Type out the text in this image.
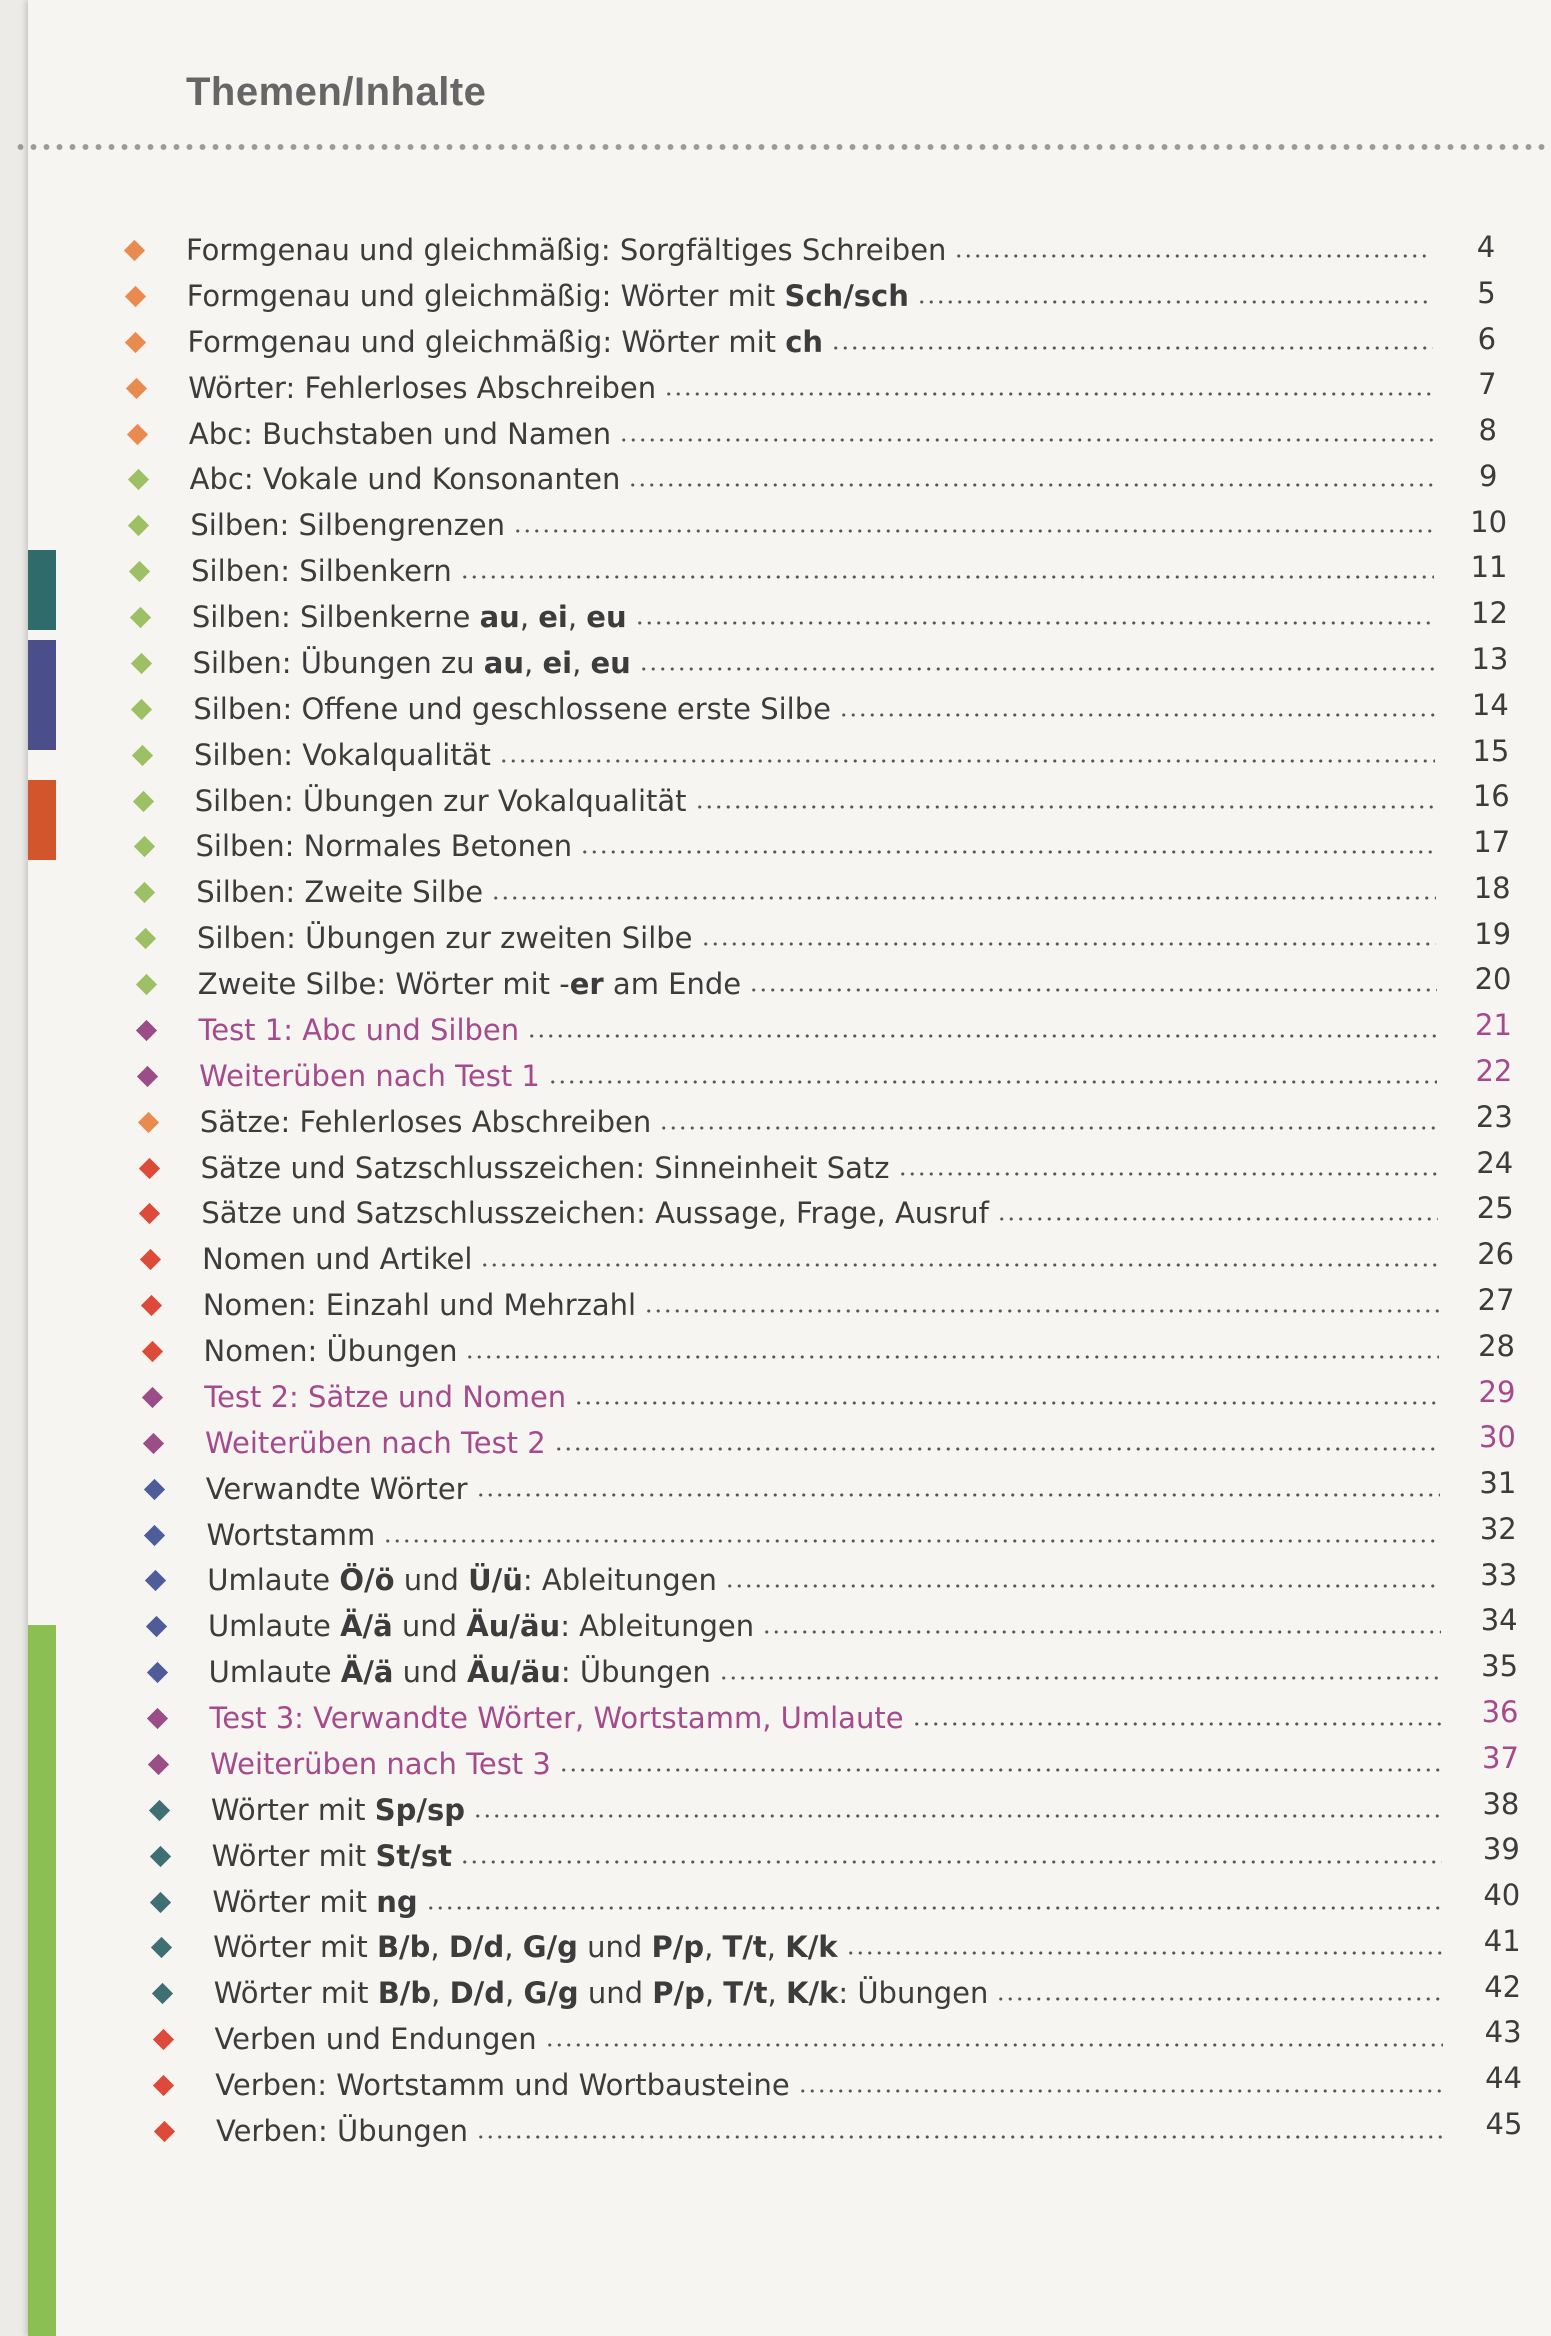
Themen/Inhalte
Formgenau und gleichmäßig: Sorgfältiges Schreiben	4
Formgenau und gleichmäßig: Wörter mit Sch/sch	5
Formgenau und gleichmäßig: Wörter mit ch	6
Wörter: Fehlerloses Abschreiben	7
Abc: Buchstaben und Namen	8
Abc: Vokale und Konsonanten	9
Silben: Silbengrenzen	10
Silben: Silbenkern	11
Silben: Silbenkerne au, ei, eu	12
Silben: Übungen zu au, ei, eu	13
Silben: Offene und geschlossene erste Silbe	14
Silben: Vokalqualität	15
Silben: Übungen zur Vokalqualität	16
Silben: Normales Betonen	17
Silben: Zweite Silbe	18
Silben: Übungen zur zweiten Silbe	19
Zweite Silbe: Wörter mit -er am Ende	20
Test 1: Abc und Silben	21
Weiterüben nach Test 1	22
Sätze: Fehlerloses Abschreiben	23
Sätze und Satzschlusszeichen: Sinneinheit Satz	24
Sätze und Satzschlusszeichen: Aussage, Frage, Ausruf	25
Nomen und Artikel	26
Nomen: Einzahl und Mehrzahl	27
Nomen: Übungen	28
Test 2: Sätze und Nomen	29
Weiterüben nach Test 2	30
Verwandte Wörter	31
Wortstamm	32
Umlaute Ö/ö und Ü/ü: Ableitungen	33
Umlaute Ä/ä und Äu/äu: Ableitungen	34
Umlaute Ä/ä und Äu/äu: Übungen	35
Test 3: Verwandte Wörter, Wortstamm, Umlaute	36
Weiterüben nach Test 3	37
Wörter mit Sp/sp	38
Wörter mit St/st	39
Wörter mit ng	40
Wörter mit B/b, D/d, G/g und P/p, T/t, K/k	41
Wörter mit B/b, D/d, G/g und P/p, T/t, K/k: Übungen	42
Verben und Endungen	43
Verben: Wortstamm und Wortbausteine	44
Verben: Übungen	45
